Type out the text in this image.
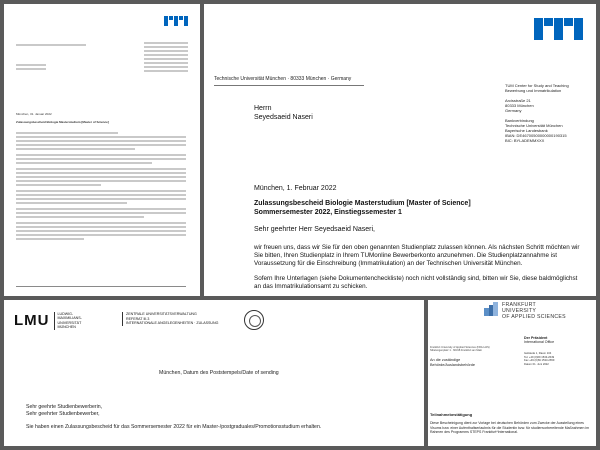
München, 31. Januar 2022
Zulassungsbescheid Biologie Masterstudium [Master of Science]
Technische Universität München · 80333 München · Germany
Herrn
Seyedsaeid Naseri
TUM Center for Study and Teaching
Bewerbung und Immatrikulation
Arcisstraße 21
80333 München
Germany
Bankverbindung
Technische Universität München
Bayerische Landesbank
IBAN: DE46700500000000190315
BIC: BYLADEMMXXX
München, 1. Februar 2022
Zulassungsbescheid Biologie Masterstudium [Master of Science]
Sommersemester 2022, Einstiegssemester 1
Sehr geehrter Herr Seyedsaeid Naseri,

wir freuen uns, dass wir Sie für den oben genannten Studienplatz zulassen können. Als nächsten Schritt möchten wir Sie bitten, Ihren Studienplatz in Ihrem TUMonline Bewerberkonto anzunehmen. Die Studienplatzannahme ist Voraussetzung für die Einschreibung (Immatrikulation) an der Technischen Universität München.

Sofern Ihre Unterlagen (siehe Dokumentencheckliste) noch nicht vollständig sind, bitten wir Sie, diese baldmöglichst an das Immatrikulationsamt zu schicken.

LMU LUDWIG-
MAXIMILIANS-
UNIVERSITÄT
MÜNCHEN
ZENTRALE UNIVERSITÄTSVERWALTUNG
REFERAT III.3
INTERNATIONALE ANGELEGENHEITEN · ZULASSUNG
München, Datum des Poststempels/Date of sending
Sehr geehrte Studienbewerberin,
Sehr geehrter Studienbewerber,
Sie haben einen Zulassungsbescheid für das Sommersemester 2022 für ein Master-/postgraduales/Promotionsstudium erhalten.
FRANKFURT
UNIVERSITY
OF APPLIED SCIENCES
Der Präsident
International Office
Frankfurt University of Applied Sciences (FRA-UAS)
Nibelungenplatz 1 · 60318 Frankfurt am Main
An die zuständige
Behörde/Auslandsbehörde
Gebäude 1, Raum 104
Tel. +49 (0)69 1533-2649
Fax +49 (0)69 1533-2659
Datum 01. Juni 2022
Teilnahmebestätigung
Diese Bescheinigung dient zur Vorlage bei deutschen Behörden zum Zwecke der Ausstellung eines Visums bzw. einer Aufenthaltserlaubnis für die Studentin bzw. für studienvorbereitende Maßnahmen im Rahmen des Programms STEPS Frankfurt*International.
